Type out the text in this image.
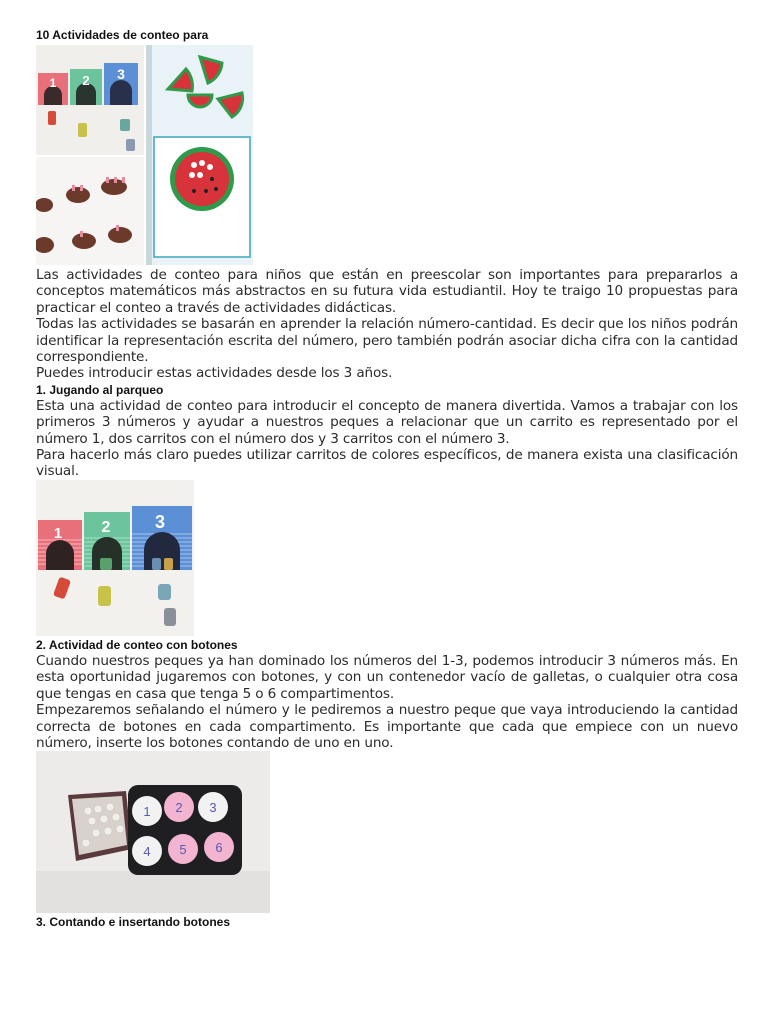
10 Actividades de conteo para
1 2 3

Las actividades de conteo para niños que están en preescolar son importantes para prepararlos a conceptos matemáticos más abstractos en su futura vida estudiantil. Hoy te traigo 10 propuestas para practicar el conteo a través de actividades didácticas.

Todas las actividades se basarán en aprender la relación número-cantidad. Es decir que los niños podrán identificar la representación escrita del número, pero también podrán asociar dicha cifra con la cantidad correspondiente.

Puedes introducir estas actividades desde los 3 años.

1. Jugando al parqueo

Esta una actividad de conteo para introducir el concepto de manera divertida. Vamos a trabajar con los primeros 3 números y ayudar a nuestros peques a relacionar que un carrito es representado por el número 1, dos carritos con el número dos y 3 carritos con el número 3.

Para hacerlo más claro puedes utilizar carritos de colores específicos, de manera exista una clasificación visual.

1 2 3
2. Actividad de conteo con botones

Cuando nuestros peques ya han dominado los números del 1-3, podemos introducir 3 números más. En esta oportunidad jugaremos con botones, y con un contenedor vacío de galletas, o cualquier otra cosa que tengas en casa que tenga 5 o 6 compartimentos.

Empezaremos señalando el número y le pediremos a nuestro peque que vaya introduciendo la cantidad correcta de botones en cada compartimento. Es importante que cada que empiece con un nuevo número, inserte los botones contando de uno en uno.

1 2 3
4 5 6
3. Contando e insertando botones
